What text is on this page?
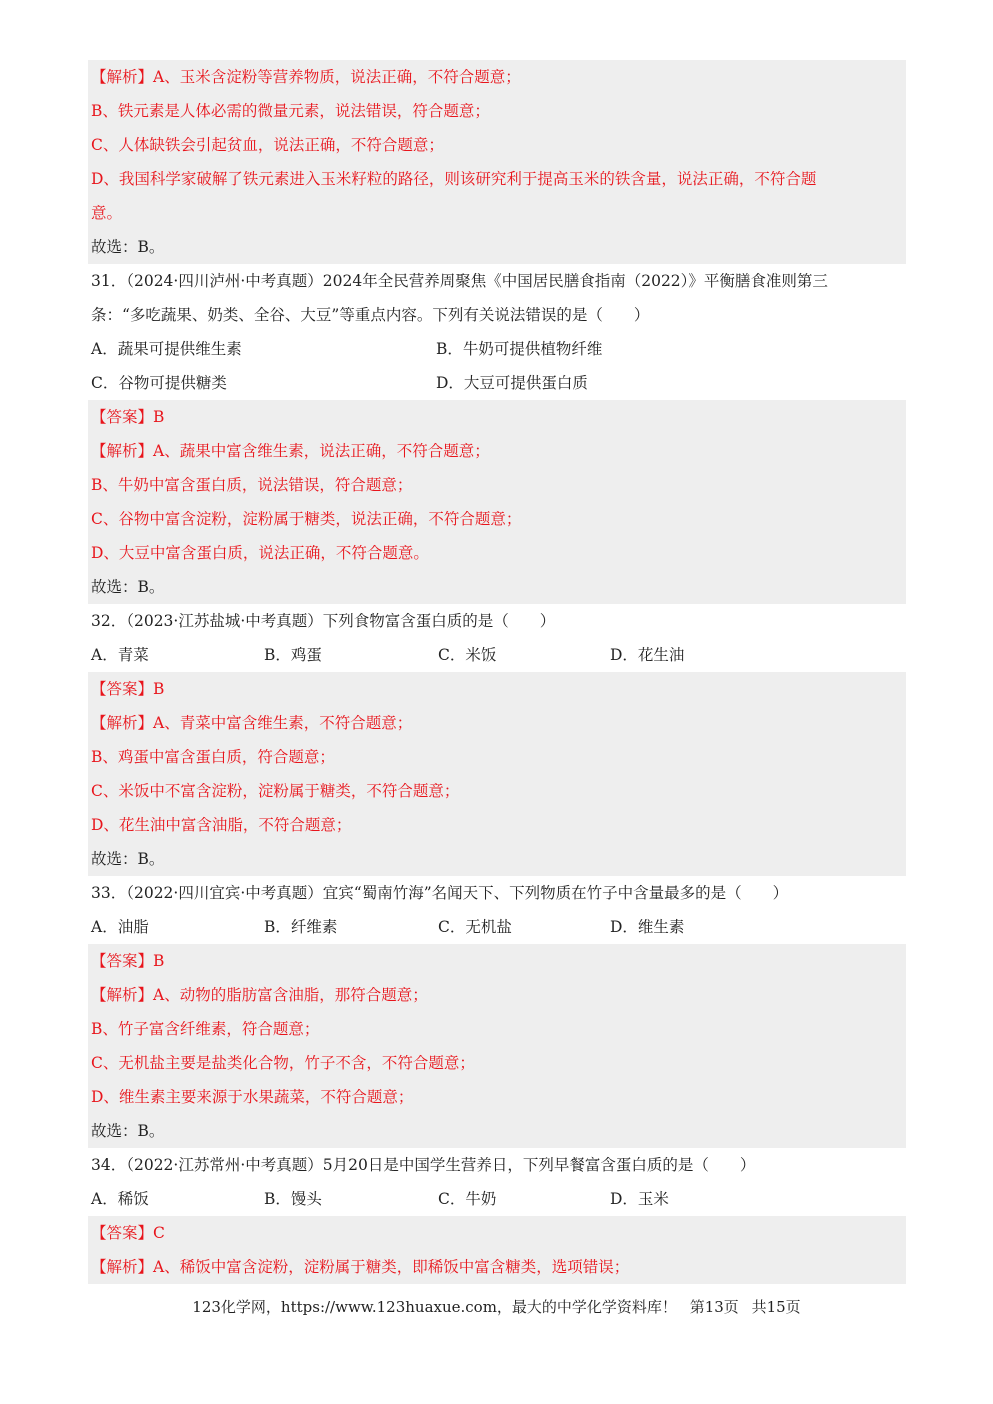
【解析】A、玉米含淀粉等营养物质，说法正确，不符合题意；
B、铁元素是人体必需的微量元素，说法错误，符合题意；
C、人体缺铁会引起贫血，说法正确，不符合题意；
D、我国科学家破解了铁元素进入玉米籽粒的路径，则该研究利于提高玉米的铁含量，说法正确，不符合题
意。
故选：B。
31．（2024·四川泸州·中考真题）2024年全民营养周聚焦《中国居民膳食指南（2022）》平衡膳食准则第三
条：“多吃蔬果、奶类、全谷、大豆”等重点内容。下列有关说法错误的是（　　）
A．蔬果可提供维生素	B．牛奶可提供植物纤维
C．谷物可提供糖类	D．大豆可提供蛋白质
【答案】B
【解析】A、蔬果中富含维生素，说法正确，不符合题意；
B、牛奶中富含蛋白质，说法错误，符合题意；
C、谷物中富含淀粉，淀粉属于糖类，说法正确，不符合题意；
D、大豆中富含蛋白质，说法正确，不符合题意。
故选：B。
32．（2023·江苏盐城·中考真题）下列食物富含蛋白质的是（　　）
A．青菜	B．鸡蛋	C．米饭	D．花生油
【答案】B
【解析】A、青菜中富含维生素，不符合题意；
B、鸡蛋中富含蛋白质，符合题意；
C、米饭中不富含淀粉，淀粉属于糖类，不符合题意；
D、花生油中富含油脂，不符合题意；
故选：B。
33．（2022·四川宜宾·中考真题）宜宾“蜀南竹海”名闻天下、下列物质在竹子中含量最多的是（　　）
A．油脂	B．纤维素	C．无机盐	D．维生素
【答案】B
【解析】A、动物的脂肪富含油脂，那符合题意；
B、竹子富含纤维素，符合题意；
C、无机盐主要是盐类化合物，竹子不含，不符合题意；
D、维生素主要来源于水果蔬菜，不符合题意；
故选：B。
34．（2022·江苏常州·中考真题）5月20日是中国学生营养日，下列早餐富含蛋白质的是（　　）
A．稀饭	B．馒头	C．牛奶	D．玉米
【答案】C
【解析】A、稀饭中富含淀粉，淀粉属于糖类，即稀饭中富含糖类，选项错误；
123化学网，https://www.123huaxue.com，最大的中学化学资料库！ 第13页 共15页
